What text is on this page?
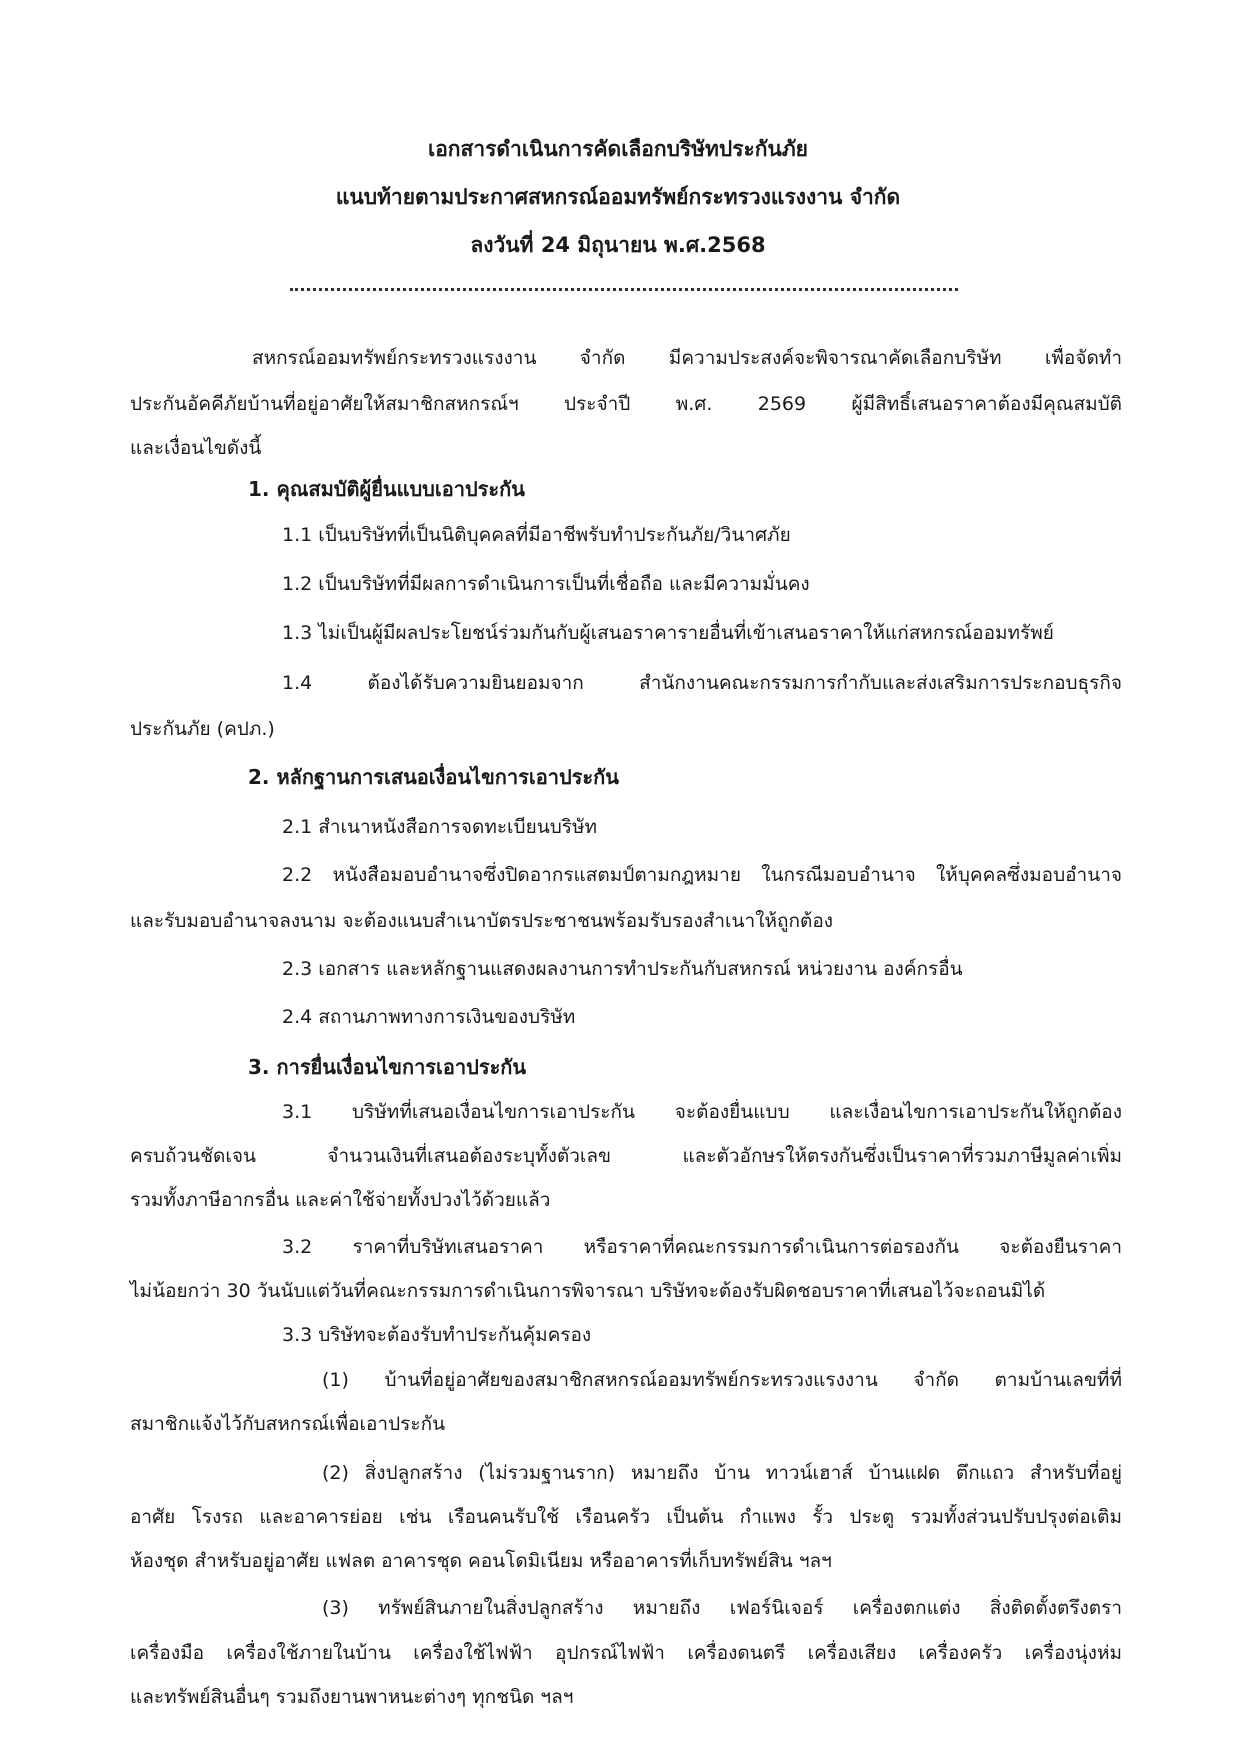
เอกสารดำเนินการคัดเลือกบริษัทประกันภัย
แนบท้ายตามประกาศสหกรณ์ออมทรัพย์กระทรวงแรงงาน จำกัด
ลงวันที่ 24 มิถุนายน พ.ศ.2568
สหกรณ์ออมทรัพย์กระทรวงแรงงาน จำกัด มีความประสงค์จะพิจารณาคัดเลือกบริษัท เพื่อจัดทำ
ประกันอัคคีภัยบ้านที่อยู่อาศัยให้สมาชิกสหกรณ์ฯ ประจำปี พ.ศ. 2569 ผู้มีสิทธิ์เสนอราคาต้องมีคุณสมบัติ
และเงื่อนไขดังนี้
1. คุณสมบัติผู้ยื่นแบบเอาประกัน
1.1 เป็นบริษัทที่เป็นนิติบุคคลที่มีอาชีพรับทำประกันภัย/วินาศภัย
1.2 เป็นบริษัทที่มีผลการดำเนินการเป็นที่เชื่อถือ และมีความมั่นคง
1.3 ไม่เป็นผู้มีผลประโยชน์ร่วมกันกับผู้เสนอราคารายอื่นที่เข้าเสนอราคาให้แก่สหกรณ์ออมทรัพย์
1.4 ต้องได้รับความยินยอมจาก สำนักงานคณะกรรมการกำกับและส่งเสริมการประกอบธุรกิจ
ประกันภัย (คปภ.)
2. หลักฐานการเสนอเงื่อนไขการเอาประกัน
2.1 สำเนาหนังสือการจดทะเบียนบริษัท
2.2 หนังสือมอบอำนาจซึ่งปิดอากรแสตมป์ตามกฎหมาย ในกรณีมอบอำนาจ ให้บุคคลซึ่งมอบอำนาจ
และรับมอบอำนาจลงนาม จะต้องแนบสำเนาบัตรประชาชนพร้อมรับรองสำเนาให้ถูกต้อง
2.3 เอกสาร และหลักฐานแสดงผลงานการทำประกันกับสหกรณ์ หน่วยงาน องค์กรอื่น
2.4 สถานภาพทางการเงินของบริษัท
3. การยื่นเงื่อนไขการเอาประกัน
3.1 บริษัทที่เสนอเงื่อนไขการเอาประกัน จะต้องยื่นแบบ และเงื่อนไขการเอาประกันให้ถูกต้อง
ครบถ้วนชัดเจน จำนวนเงินที่เสนอต้องระบุทั้งตัวเลข และตัวอักษรให้ตรงกันซึ่งเป็นราคาที่รวมภาษีมูลค่าเพิ่ม
รวมทั้งภาษีอากรอื่น และค่าใช้จ่ายทั้งปวงไว้ด้วยแล้ว
3.2 ราคาที่บริษัทเสนอราคา หรือราคาที่คณะกรรมการดำเนินการต่อรองกัน จะต้องยืนราคา
ไม่น้อยกว่า 30 วันนับแต่วันที่คณะกรรมการดำเนินการพิจารณา บริษัทจะต้องรับผิดชอบราคาที่เสนอไว้จะถอนมิได้
3.3 บริษัทจะต้องรับทำประกันคุ้มครอง
(1) บ้านที่อยู่อาศัยของสมาชิกสหกรณ์ออมทรัพย์กระทรวงแรงงาน จำกัด ตามบ้านเลขที่ที่
สมาชิกแจ้งไว้กับสหกรณ์เพื่อเอาประกัน
(2) สิ่งปลูกสร้าง (ไม่รวมฐานราก) หมายถึง บ้าน ทาวน์เฮาส์ บ้านแฝด ตึกแถว สำหรับที่อยู่
อาศัย โรงรถ และอาคารย่อย เช่น เรือนคนรับใช้ เรือนครัว เป็นต้น กำแพง รั้ว ประตู รวมทั้งส่วนปรับปรุงต่อเติม
ห้องชุด สำหรับอยู่อาศัย แฟลต อาคารชุด คอนโดมิเนียม หรืออาคารที่เก็บทรัพย์สิน ฯลฯ
(3) ทรัพย์สินภายในสิ่งปลูกสร้าง หมายถึง เฟอร์นิเจอร์ เครื่องตกแต่ง สิ่งติดตั้งตรึงตรา
เครื่องมือ เครื่องใช้ภายในบ้าน เครื่องใช้ไฟฟ้า อุปกรณ์ไฟฟ้า เครื่องดนตรี เครื่องเสียง เครื่องครัว เครื่องนุ่งห่ม
และทรัพย์สินอื่นๆ รวมถึงยานพาหนะต่างๆ ทุกชนิด ฯลฯ
